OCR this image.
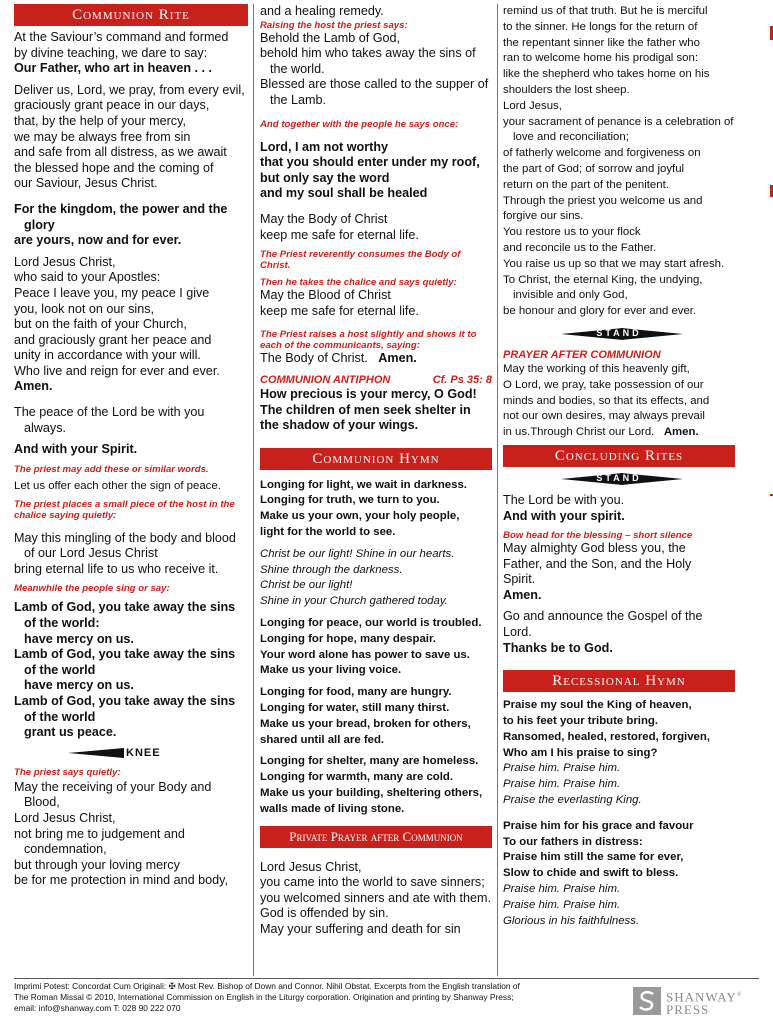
Communion Rite

At the Saviour’s command and formed

by divine teaching, we dare to say:

Our Father, who art in heaven . . .

Deliver us, Lord, we pray, from every evil,

graciously grant peace in our days,

that, by the help of your mercy,

we may be always free from sin

and safe from all distress, as we await

the blessed hope and the coming of

our Saviour, Jesus Christ.

For the kingdom, the power and the glory

are yours, now and for ever.

Lord Jesus Christ,

who said to your Apostles:

Peace I leave you, my peace I give

you, look not on our sins,

but on the faith of your Church,

and graciously grant her peace and

unity in accordance with your will.

Who live and reign for ever and ever.

Amen.

The peace of the Lord be with you always.

And with your Spirit.

The priest may add these or similar words.

Let us offer each other the sign of peace.

The priest places a small piece of the host in the chalice saying quietly:

May this mingling of the body and blood of our Lord Jesus Christ

bring eternal life to us who receive it.

Meanwhile the people sing or say:

Lamb of God, you take away the sins of the world:

have mercy on us.

Lamb of God, you take away the sins of the world

have mercy on us.

Lamb of God, you take away the sins of the world

grant us peace.

KNEE

The priest says quietly:

May the receiving of your Body and Blood,

Lord Jesus Christ,

not bring me to judgement and condemnation,

but through your loving mercy

be for me protection in mind and body,

and a healing remedy.

Raising the host the priest says:

Behold the Lamb of God,

behold him who takes away the sins of the world.

Blessed are those called to the supper of the Lamb.

And together with the people he says once:

Lord, I am not worthy

that you should enter under my roof,

but only say the word

and my soul shall be healed

May the Body of Christ

keep me safe for eternal life.

The Priest reverently consumes the Body of Christ.

Then he takes the chalice and says quietly:

May the Blood of Christ

keep me safe for eternal life.

The Priest raises a host slightly and shows it to each of the communicants, saying:

The Body of Christ. Amen.

COMMUNION ANTIPHON	Cf. Ps 35: 8

How precious is your mercy, O God!

The children of men seek shelter in

the shadow of your wings.

Communion Hymn

Longing for light, we wait in darkness.

Longing for truth, we turn to you.

Make us your own, your holy people,

light for the world to see.

Christ be our light! Shine in our hearts.

Shine through the darkness.

Christ be our light!

Shine in your Church gathered today.

Longing for peace, our world is troubled.

Longing for hope, many despair.

Your word alone has power to save us.

Make us your living voice.

Longing for food, many are hungry.

Longing for water, still many thirst.

Make us your bread, broken for others,

shared until all are fed.

Longing for shelter, many are homeless.

Longing for warmth, many are cold.

Make us your building, sheltering others,

walls made of living stone.

Private Prayer after Communion

Lord Jesus Christ,

you came into the world to save sinners;

you welcomed sinners and ate with them.

God is offended by sin.

May your suffering and death for sin

remind us of that truth. But he is merciful

to the sinner. He longs for the return of

the repentant sinner like the father who

ran to welcome home his prodigal son:

like the shepherd who takes home on his

shoulders the lost sheep.

Lord Jesus,

your sacrament of penance is a celebration of love and reconciliation;

of fatherly welcome and forgiveness on

the part of God; of sorrow and joyful

return on the part of the penitent.

Through the priest you welcome us and

forgive our sins.

You restore us to your flock

and reconcile us to the Father.

You raise us up so that we may start afresh.

To Christ, the eternal King, the undying, invisible and only God,

be honour and glory for ever and ever.

STAND

PRAYER AFTER COMMUNION

May the working of this heavenly gift,

O Lord, we pray, take possession of our

minds and bodies, so that its effects, and

not our own desires, may always prevail

in us.Through Christ our Lord. Amen.

Concluding Rites
STAND

The Lord be with you.

And with your spirit.

Bow head for the blessing – short silence

May almighty God bless you, the

Father, and the Son, and the Holy

Spirit.

Amen.

Go and announce the Gospel of the

Lord.

Thanks be to God.

Recessional Hymn

Praise my soul the King of heaven,

to his feet your tribute bring.

Ransomed, healed, restored, forgiven,

Who am I his praise to sing?

Praise him. Praise him.

Praise him. Praise him.

Praise the everlasting King.

Praise him for his grace and favour

To our fathers in distress:

Praise him still the same for ever,

Slow to chide and swift to bless.

Praise him. Praise him.

Praise him. Praise him.

Glorious in his faithfulness.

Imprimi Potest: Concordat Cum Originali: ✠ Most Rev. Bishop of Down and Connor. Nihil Obstat. Excerpts from the English translation of

The Roman Missal © 2010, International Commission on English in the Liturgy corporation. Origination and printing by Shanway Press;

email: info@shanway.com T: 028 90 222 070

SHANWAY®
PRESS
